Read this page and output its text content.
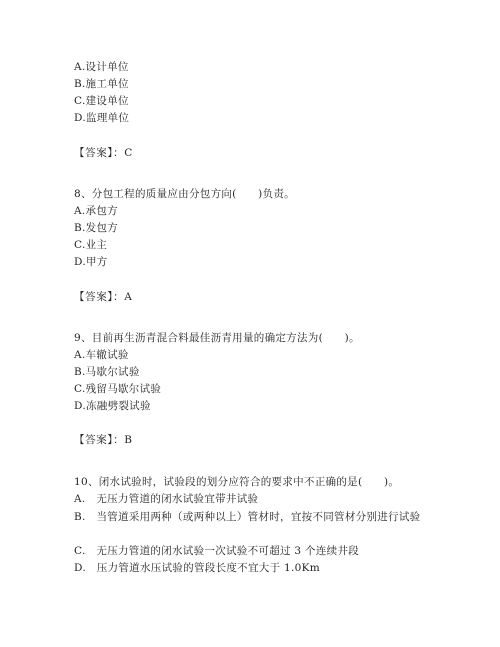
A.设计单位
B.施工单位
C.建设单位
D.监理单位
【答案】：C
8、分包工程的质量应由分包方向(　　)负责。
A.承包方
B.发包方
C.业主
D.甲方
【答案】：A
9、目前再生沥青混合料最佳沥青用量的确定方法为(　　)。
A.车辙试验
B.马歇尔试验
C.残留马歇尔试验
D.冻融劈裂试验
【答案】：B
10、闭水试验时，试验段的划分应符合的要求中不正确的是(　　)。
A.　无压力管道的闭水试验宜带井试验
B.　当管道采用两种（或两种以上）管材时，宜按不同管材分别进行试验
C.　无压力管道的闭水试验一次试验不可超过 3 个连续井段
D.　压力管道水压试验的管段长度不宜大于 1.0Km
